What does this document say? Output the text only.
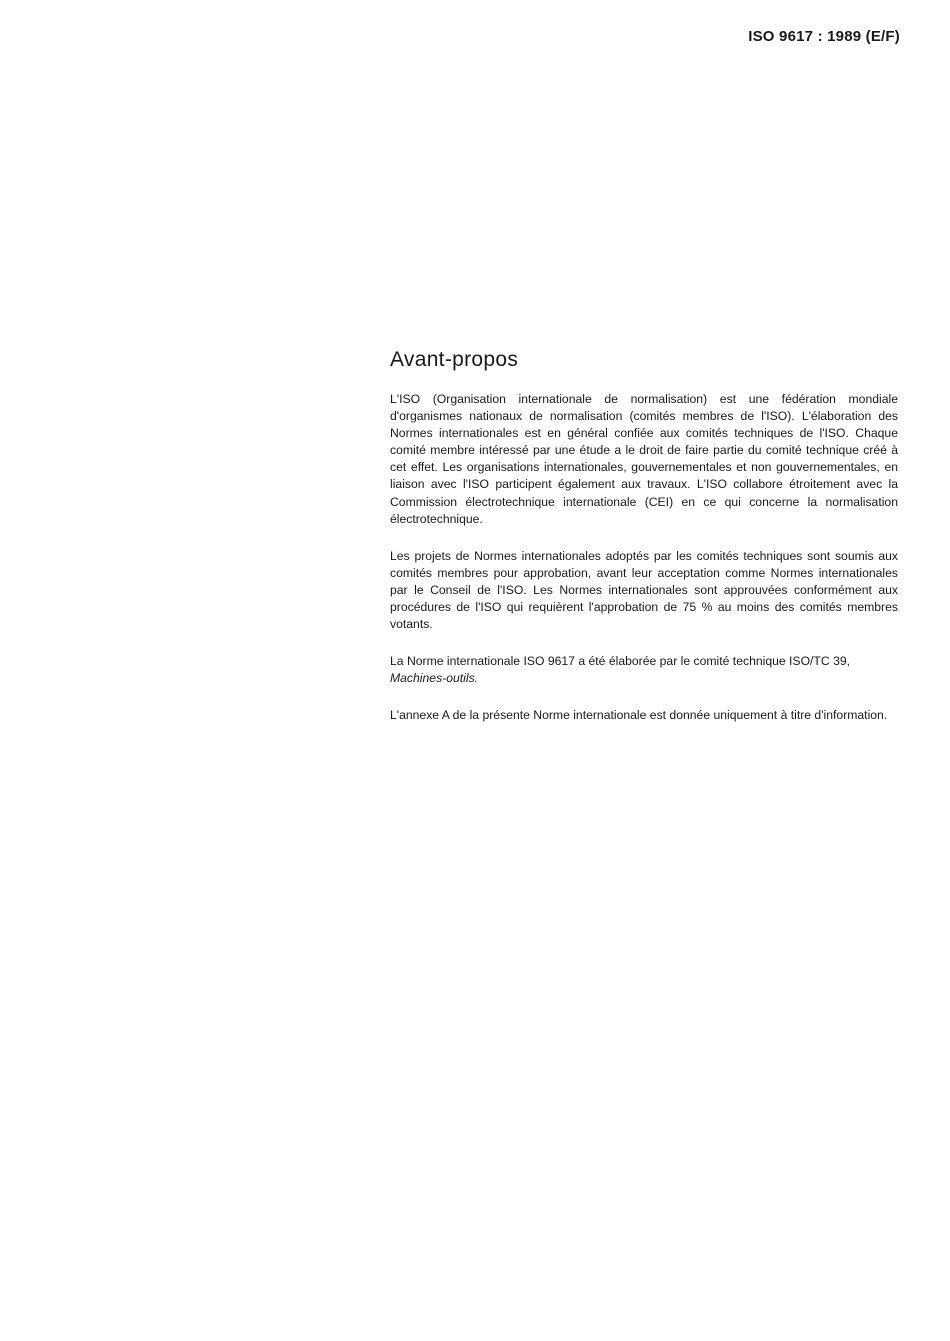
ISO 9617 : 1989 (E/F)
Avant-propos

L'ISO (Organisation internationale de normalisation) est une fédération mondiale d'organismes nationaux de normalisation (comités membres de l'ISO). L'élaboration des Normes internationales est en général confiée aux comités techniques de l'ISO. Chaque comité membre intéressé par une étude a le droit de faire partie du comité technique créé à cet effet. Les organisations internationales, gouvernementales et non gouvernementales, en liaison avec l'ISO participent également aux travaux. L'ISO collabore étroitement avec la Commission électrotechnique internationale (CEI) en ce qui concerne la normalisation électrotechnique.

Les projets de Normes internationales adoptés par les comités techniques sont soumis aux comités membres pour approbation, avant leur acceptation comme Normes internationales par le Conseil de l'ISO. Les Normes internationales sont approuvées conformément aux procédures de l'ISO qui requièrent l'approbation de 75 % au moins des comités membres votants.

La Norme internationale ISO 9617 a été élaborée par le comité technique ISO/TC 39,
Machines-outils.

L'annexe A de la présente Norme internationale est donnée uniquement à titre d'information.
